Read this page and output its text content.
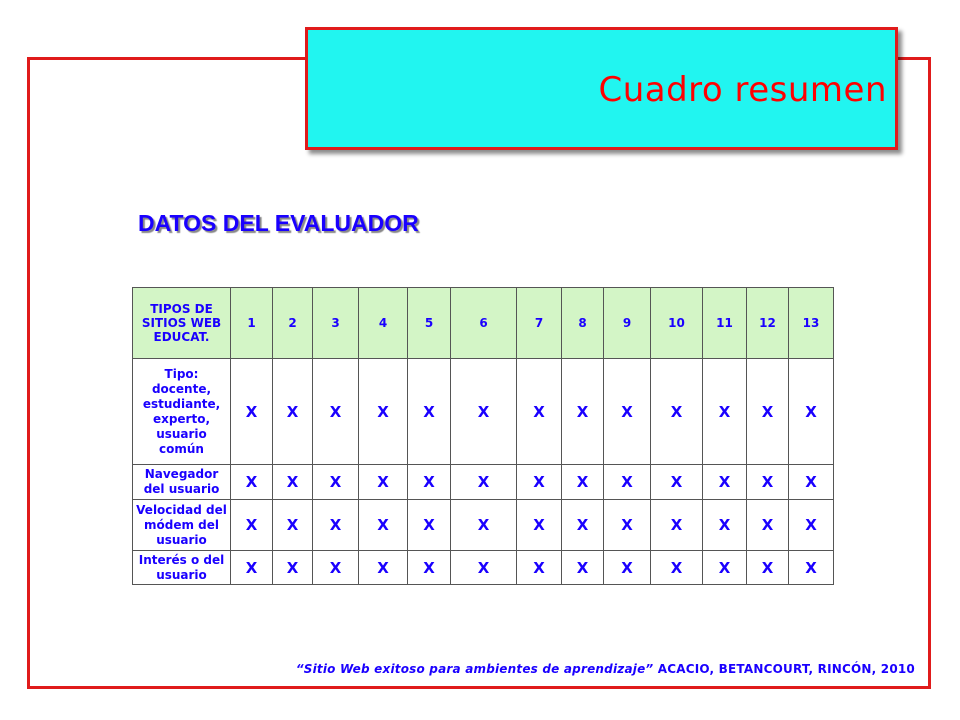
Cuadro resumen
DATOS DEL EVALUADOR
TIPOS DE SITIOS WEB EDUCAT.	1	2	3	4	5	6	7	8	9	10	11	12	13
Tipo: docente, estudiante, experto, usuario común	X	X	X	X	X	X	X	X	X	X	X	X	X
Navegador del usuario	X	X	X	X	X	X	X	X	X	X	X	X	X
Velocidad del módem del usuario	X	X	X	X	X	X	X	X	X	X	X	X	X
Interés o del usuario	X	X	X	X	X	X	X	X	X	X	X	X	X
“Sitio Web exitoso para ambientes de aprendizaje” ACACIO, BETANCOURT, RINCÓN, 2010
